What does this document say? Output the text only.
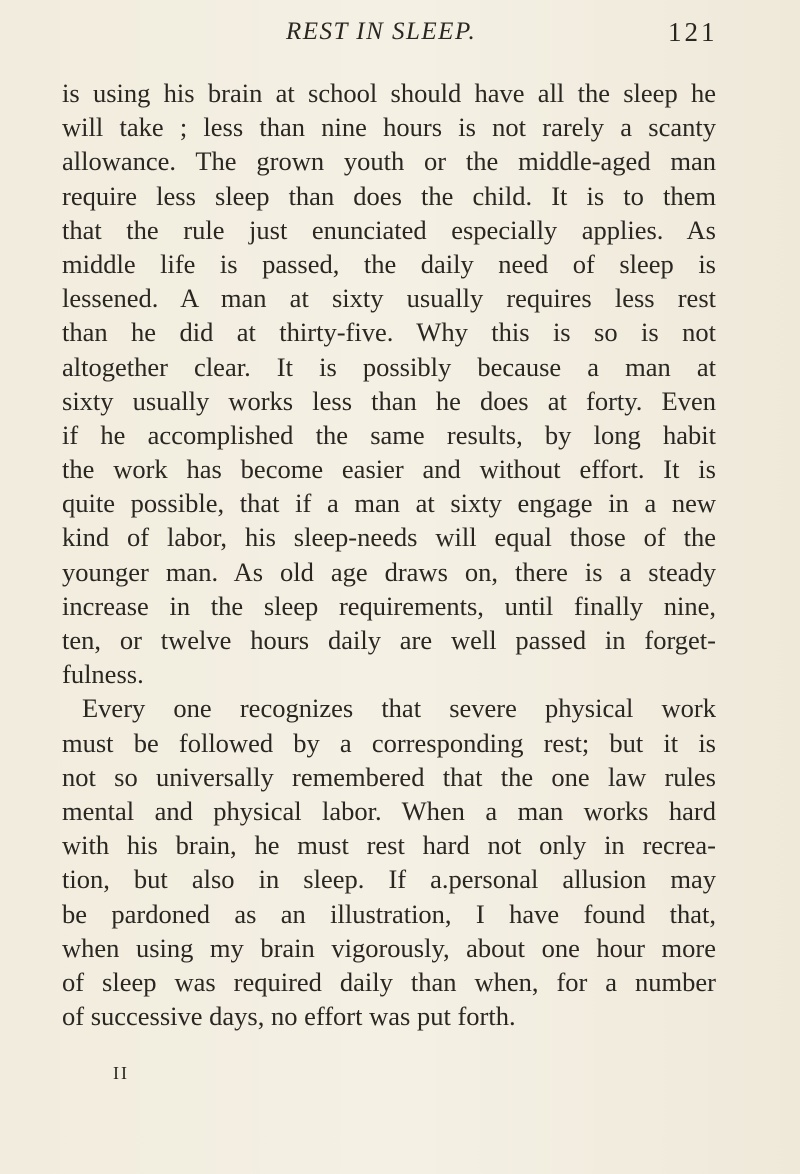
REST IN SLEEP.	121
is using his brain at school should have all the sleep he
will take ; less than nine hours is not rarely a scanty
allowance. The grown youth or the middle-aged man
require less sleep than does the child. It is to them
that the rule just enunciated especially applies. As
middle life is passed, the daily need of sleep is
lessened. A man at sixty usually requires less rest
than he did at thirty-five. Why this is so is not
altogether clear. It is possibly because a man at
sixty usually works less than he does at forty. Even
if he accomplished the same results, by long habit
the work has become easier and without effort. It is
quite possible, that if a man at sixty engage in a new
kind of labor, his sleep-needs will equal those of the
younger man. As old age draws on, there is a steady
increase in the sleep requirements, until finally nine,
ten, or twelve hours daily are well passed in forget-
fulness.
Every one recognizes that severe physical work
must be followed by a corresponding rest; but it is
not so universally remembered that the one law rules
mental and physical labor. When a man works hard
with his brain, he must rest hard not only in recrea-
tion, but also in sleep. If a.personal allusion may
be pardoned as an illustration, I have found that,
when using my brain vigorously, about one hour more
of sleep was required daily than when, for a number
of successive days, no effort was put forth.
II
